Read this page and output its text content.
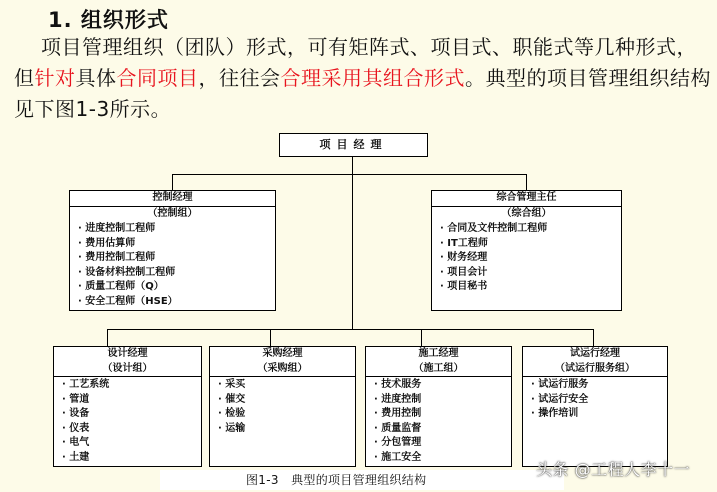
1. 组织形式
项目管理组织（团队）形式，可有矩阵式、项目式、职能式等几种形式，但针对具体合同项目，往往会合理采用其组合形式。典型的项目管理组织结构见下图1-3所示。
项目经理
控制经理
（控制组）
· 进度控制工程师
· 费用估算师
· 费用控制工程师
· 设备材料控制工程师
· 质量工程师（Q）
· 安全工程师（HSE）
综合管理主任
（综合组）
· 合同及文件控制工程师
· IT工程师
· 财务经理
· 项目会计
· 项目秘书
设计经理
（设计组）
· 工艺系统
· 管道
· 设备
· 仪表
· 电气
· 土建
采购经理
（采购组）
· 采买
· 催交
· 检验
· 运输
施工经理
（施工组）
· 技术服务
· 进度控制
· 费用控制
· 质量监督
· 分包管理
· 施工安全
试运行经理
（试运行服务组）
· 试运行服务
· 试运行安全
· 操作培训
图1-3　典型的项目管理组织结构
头条 @工程人李十一
